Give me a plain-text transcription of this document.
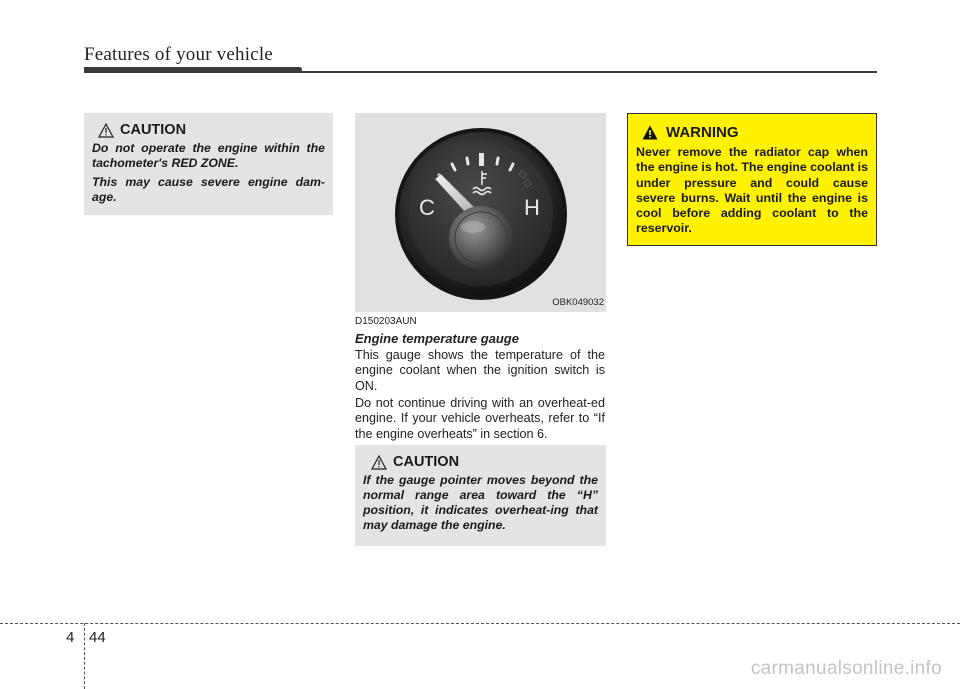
Features of your vehicle
CAUTION

Do not operate the engine within the tachometer's RED ZONE.

This may cause severe engine dam-age.	C	H
OBK049032
D150203AUN
Engine temperature gauge

This gauge shows the temperature of the engine coolant when the ignition switch is ON.

Do not continue driving with an overheat-ed engine. If your vehicle overheats, refer to “If the engine overheats” in section 6.

CAUTION

If the gauge pointer moves beyond the normal range area toward the “H” position, it indicates overheat-ing that may damage the engine.

WARNING

Never remove the radiator cap when the engine is hot. The engine coolant is under pressure and could cause severe burns. Wait until the engine is cool before adding coolant to the reservoir.

4 44
carmanualsonline.info
